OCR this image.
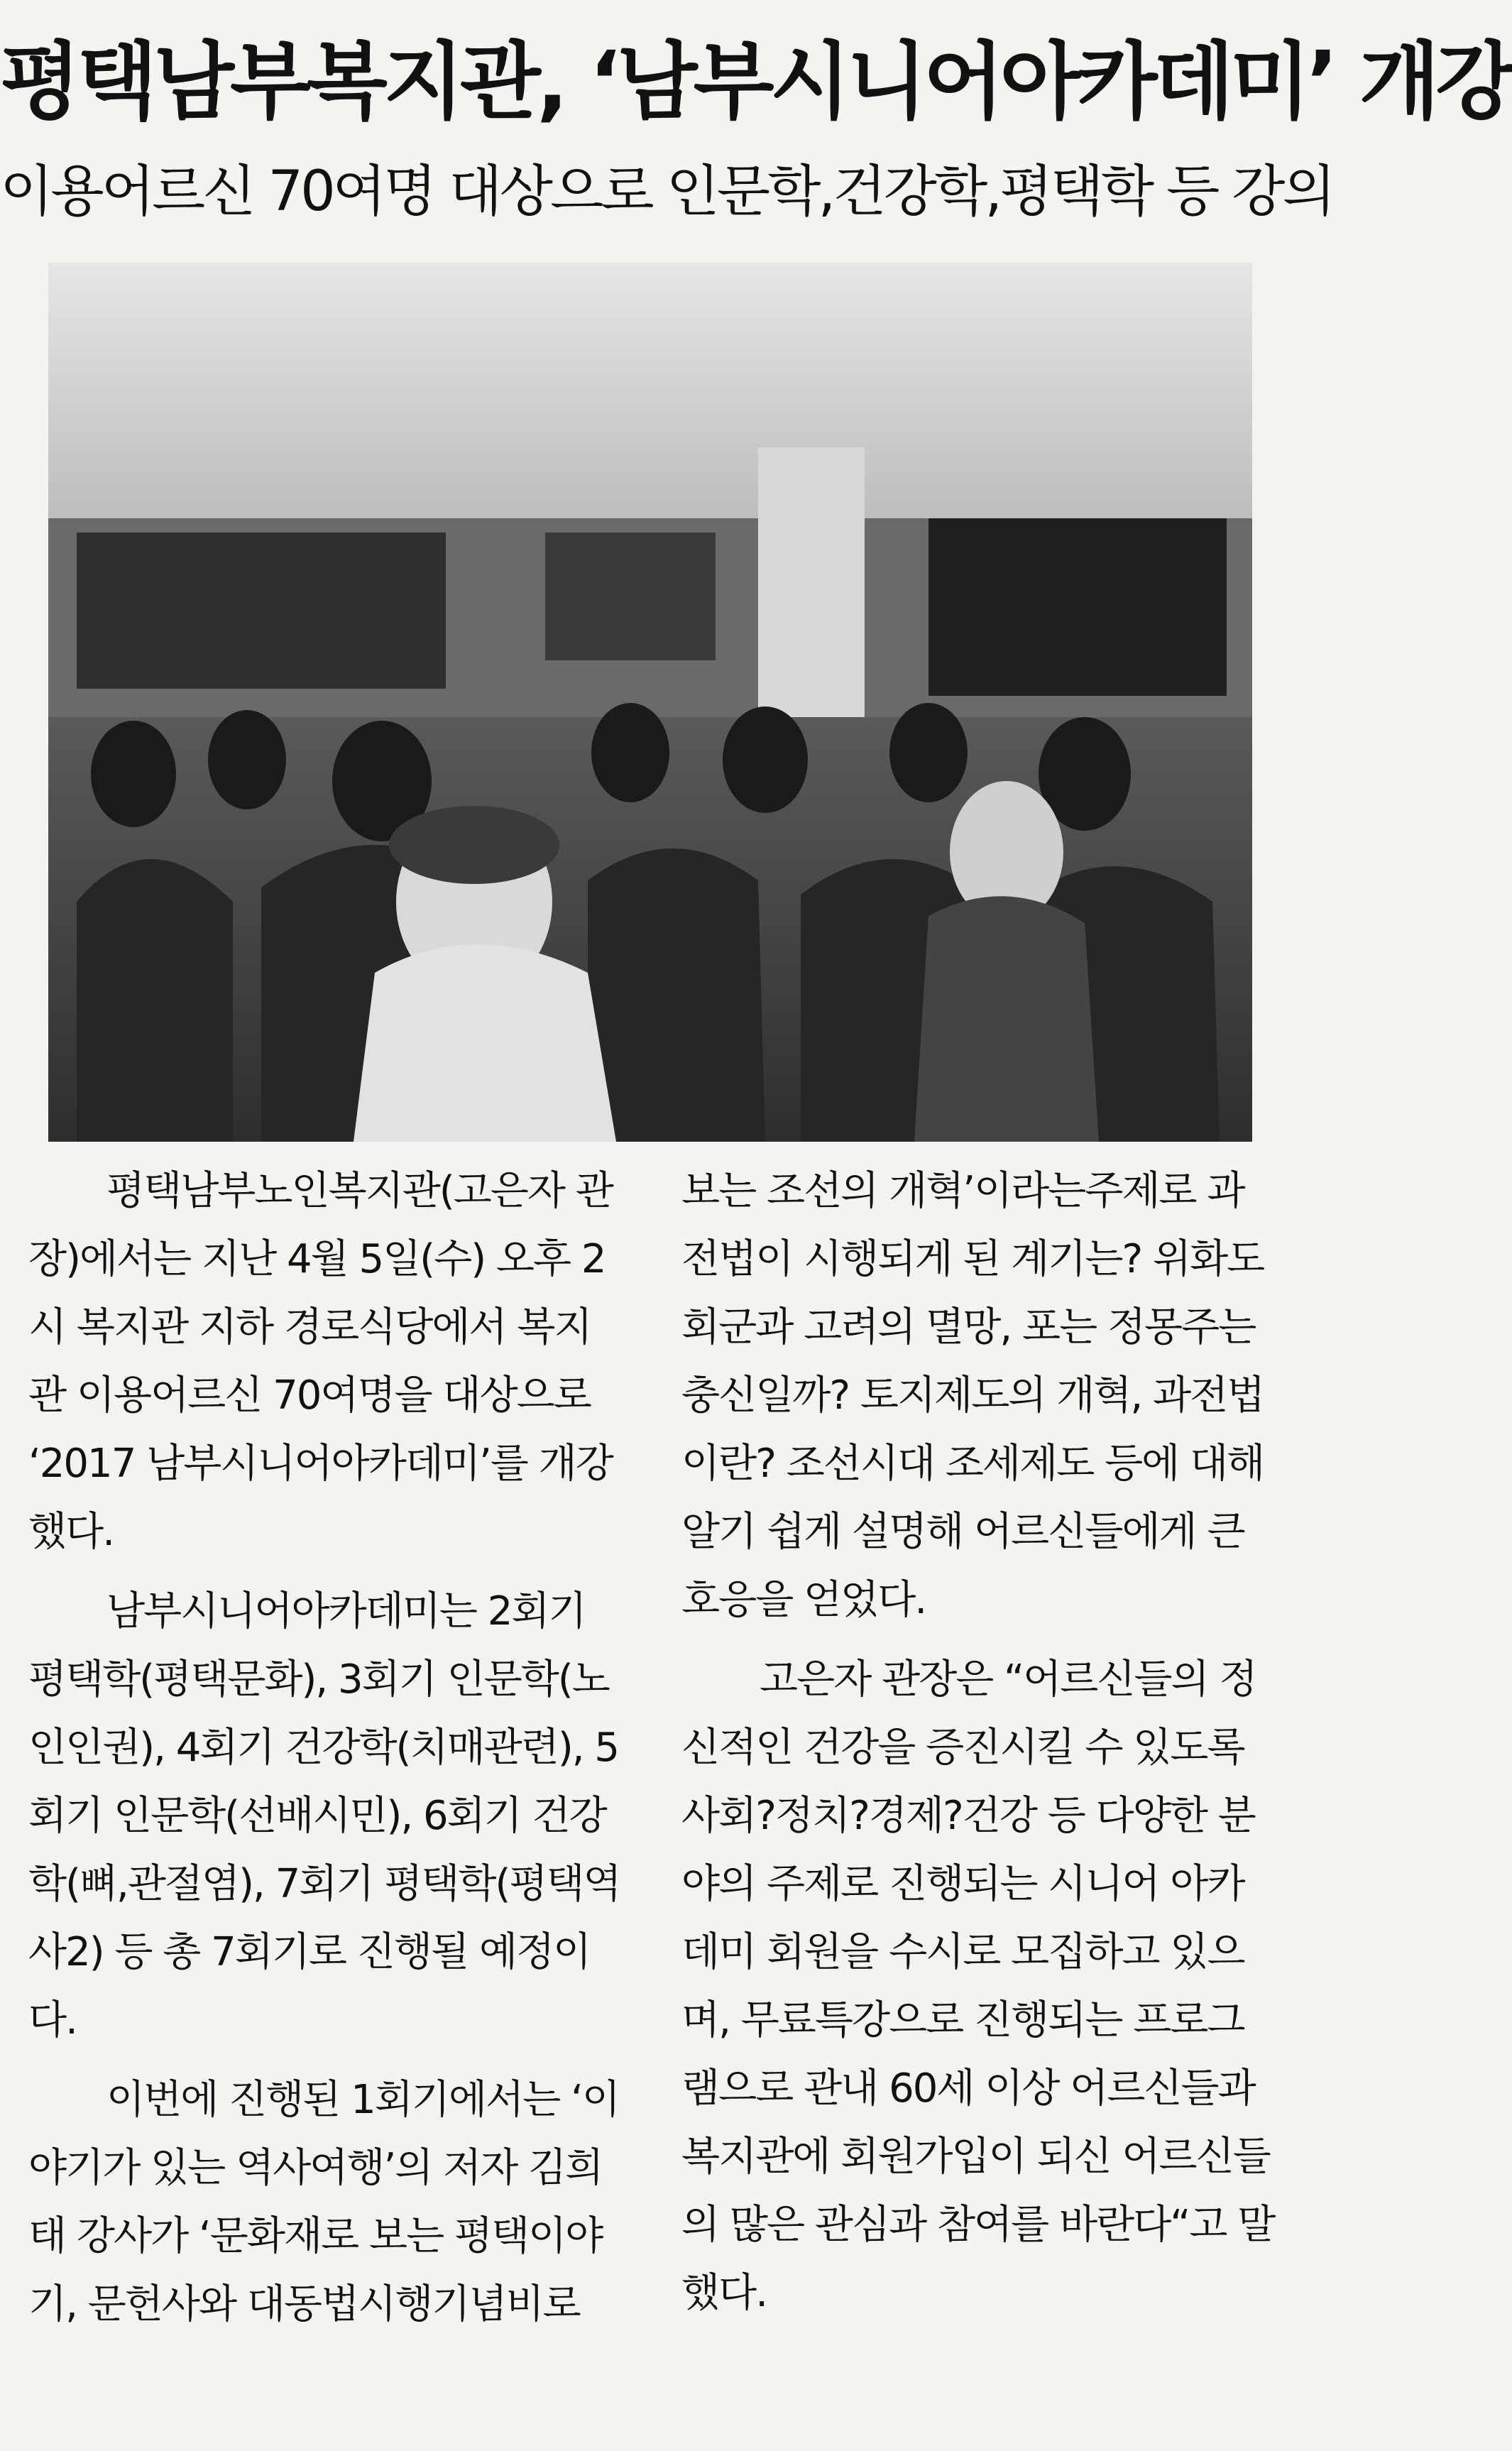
평택남부복지관, ‘남부시니어아카데미’ 개강
이용어르신 70여명 대상으로 인문학,건강학,평택학 등 강의

평택남부노인복지관(고은자 관장)에서는 지난 4월 5일(수) 오후 2시 복지관 지하 경로식당에서 복지관 이용어르신 70여명을 대상으로 ‘2017 남부시니어아카데미’를 개강했다.

남부시니어아카데미는 2회기 평택학(평택문화), 3회기 인문학(노인인권), 4회기 건강학(치매관련), 5회기 인문학(선배시민), 6회기 건강학(뼈,관절염), 7회기 평택학(평택역사2) 등 총 7회기로 진행될 예정이다.

이번에 진행된 1회기에서는 ‘이야기가 있는 역사여행’의 저자 김희태 강사가 ‘문화재로 보는 평택이야기, 문헌사와 대동법시행기념비로

보는 조선의 개혁’이라는주제로 과전법이 시행되게 된 계기는? 위화도 회군과 고려의 멸망, 포는 정몽주는 충신일까? 토지제도의 개혁, 과전법이란? 조선시대 조세제도 등에 대해 알기 쉽게 설명해 어르신들에게 큰 호응을 얻었다.

고은자 관장은 “어르신들의 정신적인 건강을 증진시킬 수 있도록 사회?정치?경제?건강 등 다양한 분야의 주제로 진행되는 시니어 아카데미 회원을 수시로 모집하고 있으며, 무료특강으로 진행되는 프로그램으로 관내 60세 이상 어르신들과 복지관에 회원가입이 되신 어르신들의 많은 관심과 참여를 바란다“고 말했다.
